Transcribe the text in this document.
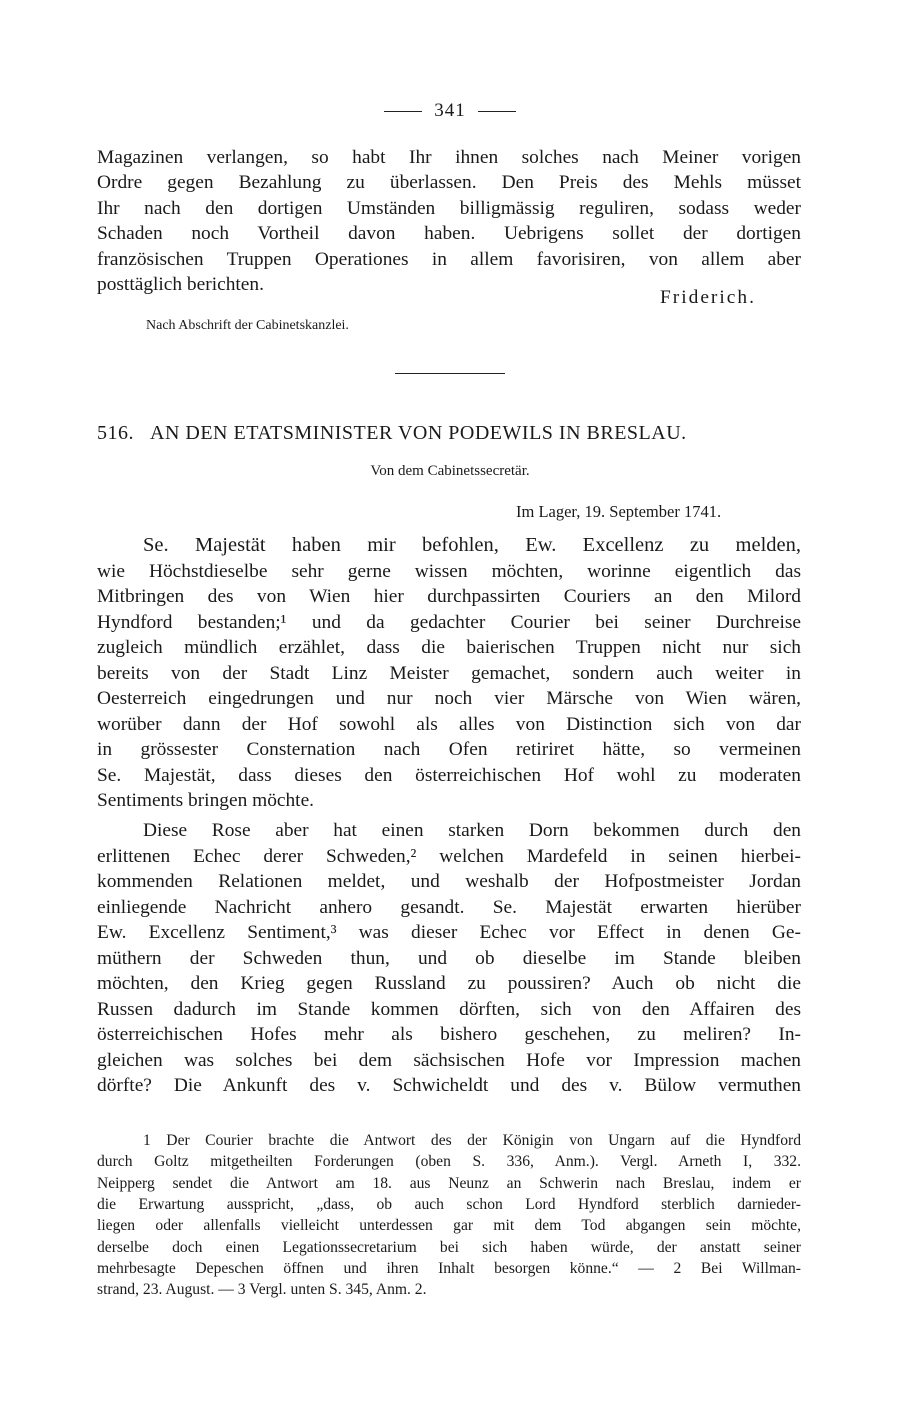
341
Magazinen verlangen, so habt Ihr ihnen solches nach Meiner vorigen
Ordre gegen Bezahlung zu überlassen. Den Preis des Mehls müsset
Ihr nach den dortigen Umständen billigmässig reguliren, sodass weder
Schaden noch Vortheil davon haben. Uebrigens sollet der dortigen
französischen Truppen Operationes in allem favorisiren, von allem aber
posttäglich berichten.
Friderich.
Nach Abschrift der Cabinetskanzlei.
516. AN DEN ETATSMINISTER VON PODEWILS IN BRESLAU.
Von dem Cabinetssecretär.
Im Lager, 19. September 1741.
Se. Majestät haben mir befohlen, Ew. Excellenz zu melden,
wie Höchstdieselbe sehr gerne wissen möchten, worinne eigentlich das
Mitbringen des von Wien hier durchpassirten Couriers an den Milord
Hyndford bestanden;¹ und da gedachter Courier bei seiner Durchreise
zugleich mündlich erzählet, dass die baierischen Truppen nicht nur sich
bereits von der Stadt Linz Meister gemachet, sondern auch weiter in
Oesterreich eingedrungen und nur noch vier Märsche von Wien wären,
worüber dann der Hof sowohl als alles von Distinction sich von dar
in grössester Consternation nach Ofen retiriret hätte, so vermeinen
Se. Majestät, dass dieses den österreichischen Hof wohl zu moderaten
Sentiments bringen möchte.
Diese Rose aber hat einen starken Dorn bekommen durch den
erlittenen Echec derer Schweden,² welchen Mardefeld in seinen hierbei-
kommenden Relationen meldet, und weshalb der Hofpostmeister Jordan
einliegende Nachricht anhero gesandt. Se. Majestät erwarten hierüber
Ew. Excellenz Sentiment,³ was dieser Echec vor Effect in denen Ge-
müthern der Schweden thun, und ob dieselbe im Stande bleiben
möchten, den Krieg gegen Russland zu poussiren? Auch ob nicht die
Russen dadurch im Stande kommen dörften, sich von den Affairen des
österreichischen Hofes mehr als bishero geschehen, zu meliren? In-
gleichen was solches bei dem sächsischen Hofe vor Impression machen
dörfte? Die Ankunft des v. Schwicheldt und des v. Bülow vermuthen
1 Der Courier brachte die Antwort des der Königin von Ungarn auf die Hyndford
durch Goltz mitgetheilten Forderungen (oben S. 336, Anm.). Vergl. Arneth I, 332.
Neipperg sendet die Antwort am 18. aus Neunz an Schwerin nach Breslau, indem er
die Erwartung ausspricht, „dass, ob auch schon Lord Hyndford sterblich darnieder-
liegen oder allenfalls vielleicht unterdessen gar mit dem Tod abgangen sein möchte,
derselbe doch einen Legationssecretarium bei sich haben würde, der anstatt seiner
mehrbesagte Depeschen öffnen und ihren Inhalt besorgen könne.“ — 2 Bei Willman-
strand, 23. August. — 3 Vergl. unten S. 345, Anm. 2.
